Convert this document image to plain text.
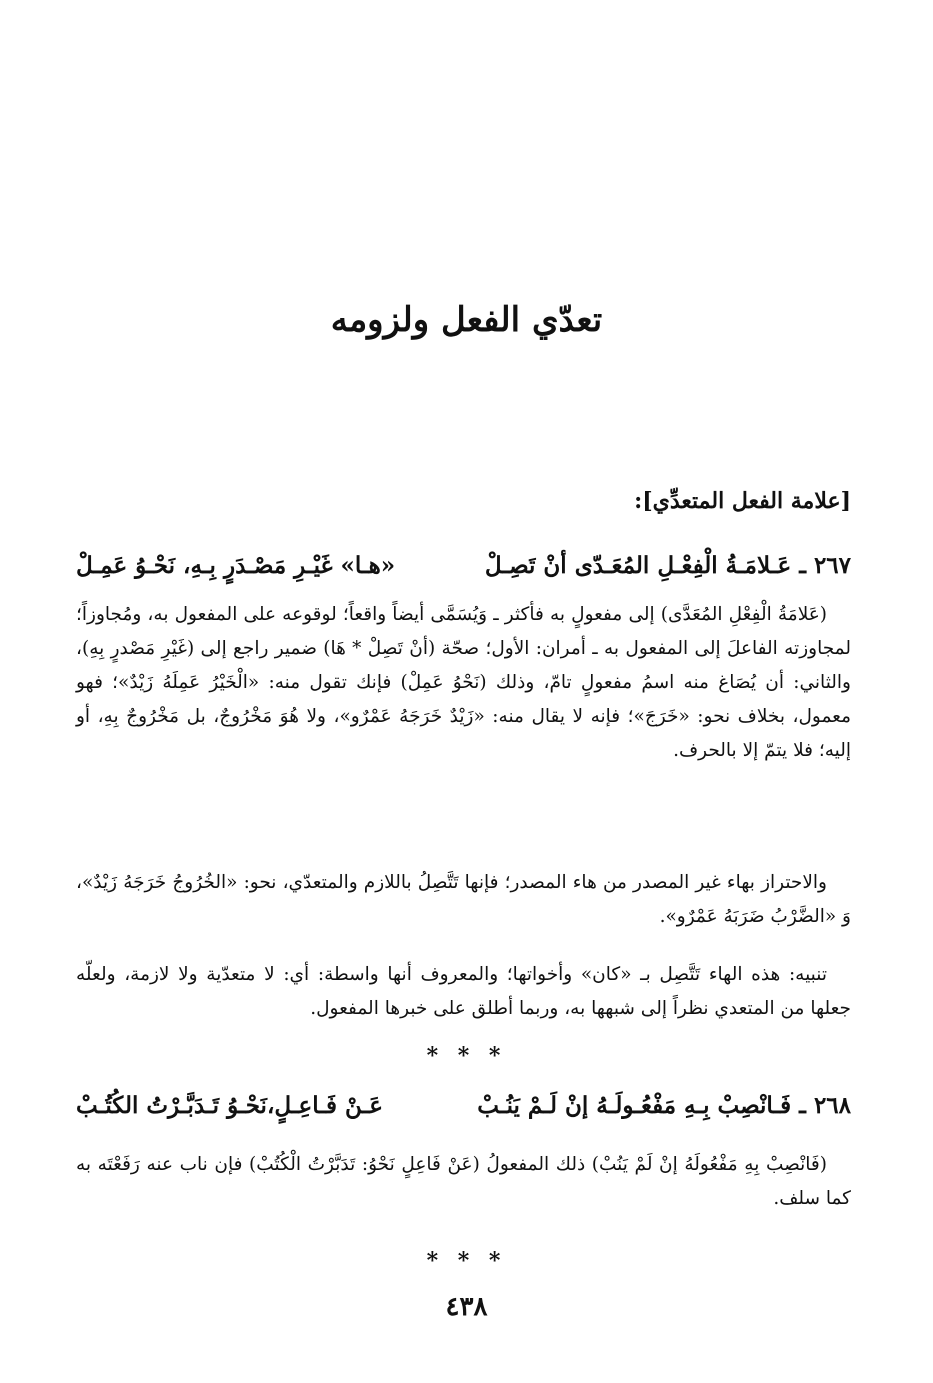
تعدّي الفعل ولزومه
[علامة الفعل المتعدِّي]:
٢٦٧ ـ عَـلامَـةُ الْفِعْـلِ المُعَـدّى أنْ تَصِـلْ
«هـا» غَيْـرِ مَصْـدَرٍ بِـهِ، نَحْـوُ عَمِـلْ

(عَلامَةُ الْفِعْلِ المُعَدَّى) إلى مفعولٍ به فأكثر ـ وَيُسَمَّى أيضاً واقعاً؛ لوقوعه على المفعول به، ومُجاوزاً؛ لمجاوزته الفاعلَ إلى المفعول به ـ أمران: الأول؛ صحّة (أنْ تَصِلْ * هَا) ضمير راجع إلى (غَيْرِ مَصْدرٍ بِهِ)، والثاني: أن يُصَاغ منه اسمُ مفعولٍ تامّ، وذلك (نَحْوُ عَمِلْ) فإنك تقول منه: «الْخَيْرُ عَمِلَهُ زَيْدٌ»؛ فهو معمول، بخلاف نحو: «خَرَجَ»؛ فإنه لا يقال منه: «زَيْدٌ خَرَجَهُ عَمْرٌو»، ولا هُوَ مَخْرُوجٌ، بل مَخْرُوجٌ بِهِ، أو إليه؛ فلا يتمّ إلا بالحرف.

والاحتراز بهاء غير المصدر من هاء المصدر؛ فإنها تَتَّصِلُ باللازم والمتعدّي، نحو: «الخُرُوجُ خَرَجَهُ زَيْدٌ»، وَ «الضَّرْبُ ضَرَبَهُ عَمْرٌو».

تنبيه: هذه الهاء تَتَّصِل بـ «كان» وأخواتها؛ والمعروف أنها واسطة: أي: لا متعدّية ولا لازمة، ولعلّه جعلها من المتعدي نظراً إلى شبهها به، وربما أطلق على خبرها المفعول.

* * *
٢٦٨ ـ فَـانْصِبْ بِـهِ مَفْعُـولَـهُ إنْ لَـمْ يَنُـبْ
عَـنْ فَـاعِـلٍ،نَحْـوُ تَـدَبَّـرْتُ الكُتُـبْ

(فَانْصِبْ بِهِ مَفْعُولَهُ إنْ لَمْ يَنُبْ) ذلك المفعولُ (عَنْ فَاعِلٍ نَحْوُ: تَدَبَّرْتُ الْكُتُبْ) فإن ناب عنه رَفَعْتَه به كما سلف.

* * *
٤٣٨
